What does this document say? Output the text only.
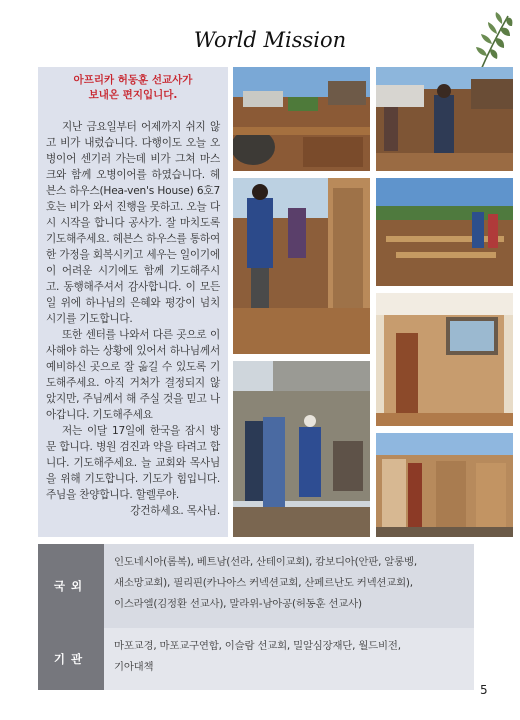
World Mission
아프리카 허동훈 선교사가
보내온 편지입니다.

지난 금요일부터 어제까지 쉬지 않고 비가 내렸습니다. 다행이도 오늘 오병이어 센기러 가는데 비가 그쳐 마스크와 함께 오병이어를 하였습니다. 헤븐스 하우스(Hea-ven's House) 6호7호는 비가 와서 진행을 못하고. 오늘 다시 시작을 합니다 공사가. 잘 마치도록 기도해주세요. 헤븐스 하우스를 통하여 한 가정을 회복시키고 세우는 일이기에 이 어려운 시기에도 함께 기도해주시고. 동행해주셔서 감사합니다. 이 모든 일 위에 하나님의 은혜와 평강이 넘치시기를 기도합니다.

또한 센터를 나와서 다른 곳으로 이사해야 하는 상황에 있어서 하나님께서 예비하신 곳으로 잘 옮길 수 있도록 기도해주세요. 아직 거처가 결정되지 않았지만, 주님께서 해 주실 것을 믿고 나아갑니다. 기도해주세요

저는 이달 17일에 한국을 잠시 방문 합니다. 병원 검진과 약을 타려고 합니다. 기도해주세요. 늘 교회와 목사님을 위해 기도합니다. 기도가 힘입니다. 주님을 찬양합니다. 할렐루야.

강건하세요. 목사님.

국외
인도네시아(롬복), 베트남(선라, 산테이교회), 캄보디아(안판, 알롱벵,
새소망교회), 필리핀(카나아스 커넥션교회, 산페르난도 커넥션교회),
이스라엘(김정환 선교사), 말라위-남아공(허동훈 선교사)
기관
마포교경, 마포교구연합, 이슬람 선교회, 밀알심장재단, 월드비전,
기아대책
5
